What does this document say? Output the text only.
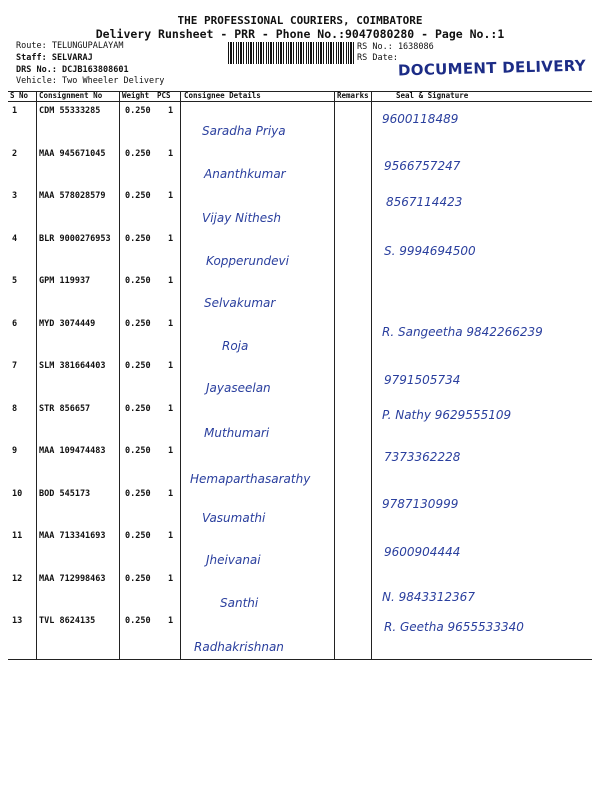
THE PROFESSIONAL COURIERS, COIMBATORE
Delivery Runsheet - PRR - Phone No.:9047080280 - Page No.:1
Route: TELUNGUPALAYAM
Staff: SELVARAJ
DRS No.: DCJB163808601
Vehicle: Two Wheeler Delivery
RS No.: 1638086
RS Date: DOCUMENT DELIVERY
S No Consignment No	Weight PCS Consignee Details	Remarks	Seal & Signature
1	CDM 55333285	0.250 1
Saradha Priya
9600118489
2	MAA 945671045 0.250 1
Ananthkumar
9566757247
3	MAA 578028579 0.250 1
Vijay Nithesh
8567114423
4	BLR 9000276953 0.250 1
Kopperundevi
S. 9994694500
5	GPM 119937	0.250 1
Selvakumar
6	MYD 3074449	0.250 1
Roja
R. Sangeetha 9842266239
7	SLM 381664403 0.250 1
Jayaseelan
9791505734
8	STR 856657	0.250 1
Muthumari
P. Nathy 9629555109
9	MAA 109474483 0.250 1
Hemaparthasarathy
7373362228
10 BOD 545173	0.250 1
Vasumathi
9787130999
11 MAA 713341693 0.250 1
Jheivanai
9600904444
12 MAA 712998463 0.250 1
Santhi	N. 9843312367
13 TVL 8624135	0.250 1
Radhakrishnan
R. Geetha 9655533340
